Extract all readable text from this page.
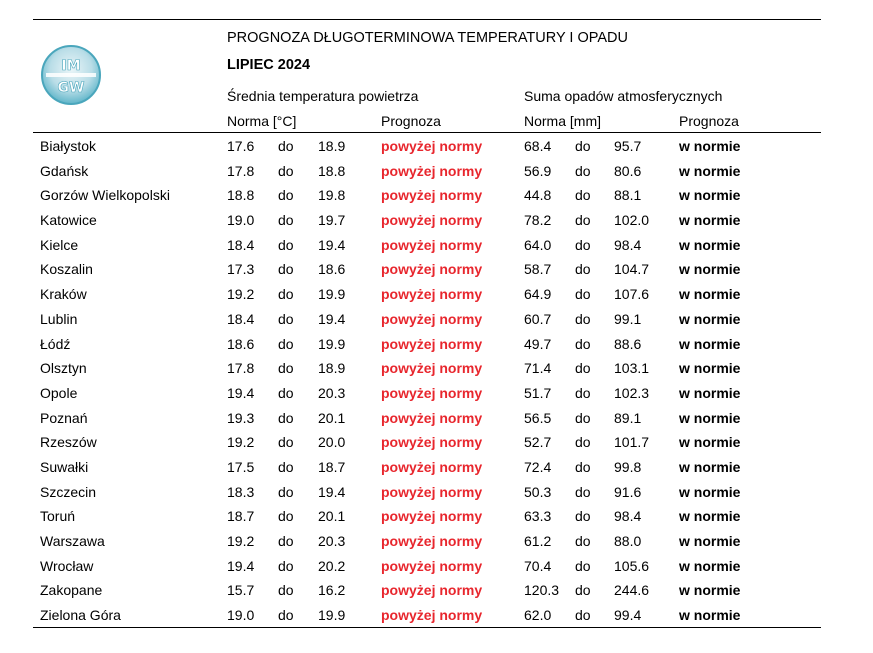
IM
GW
PROGNOZA DŁUGOTERMINOWA TEMPERATURY I OPADU
LIPIEC 2024
Średnia temperatura powietrza	Suma opadów atmosferycznych
Norma [°C]	Prognoza	Norma [mm]	Prognoza
Białystok	17.6 do 18.9	powyżej normy	68.4 do 95.7	w normie
Gdańsk	17.8 do 18.8	powyżej normy	56.9 do 80.6	w normie
Gorzów Wielkopolski	18.8 do 19.8	powyżej normy	44.8 do 88.1	w normie
Katowice	19.0 do 19.7	powyżej normy	78.2 do 102.0 w normie
Kielce	18.4 do 19.4	powyżej normy	64.0 do 98.4	w normie
Koszalin	17.3 do 18.6	powyżej normy	58.7 do 104.7 w normie
Kraków	19.2 do 19.9	powyżej normy	64.9 do 107.6 w normie
Lublin	18.4 do 19.4	powyżej normy	60.7 do 99.1	w normie
Łódź	18.6 do 19.9	powyżej normy	49.7 do 88.6	w normie
Olsztyn	17.8 do 18.9	powyżej normy	71.4 do 103.1 w normie
Opole	19.4 do 20.3	powyżej normy	51.7 do 102.3 w normie
Poznań	19.3 do 20.1	powyżej normy	56.5 do 89.1	w normie
Rzeszów	19.2 do 20.0	powyżej normy	52.7 do 101.7 w normie
Suwałki	17.5 do 18.7	powyżej normy	72.4 do 99.8	w normie
Szczecin	18.3 do 19.4	powyżej normy	50.3 do 91.6	w normie
Toruń	18.7 do 20.1	powyżej normy	63.3 do 98.4	w normie
Warszawa	19.2 do 20.3	powyżej normy	61.2 do 88.0	w normie
Wrocław	19.4 do 20.2	powyżej normy	70.4 do 105.6 w normie
Zakopane	15.7 do 16.2	powyżej normy	120.3 do 244.6 w normie
Zielona Góra	19.0 do 19.9	powyżej normy	62.0 do 99.4	w normie
